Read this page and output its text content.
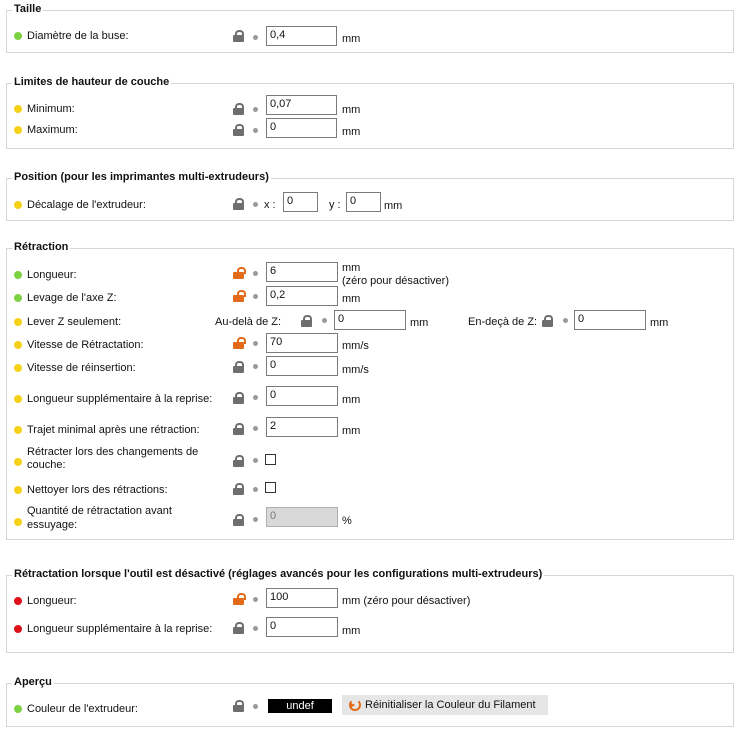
Taille
Diamètre de la buse:	0,4	mm
Limites de hauteur de couche
Minimum:	0,07	mm
Maximum:	0	mm
Position (pour les imprimantes multi-extrudeurs)
Décalage de l'extrudeur:	x :	0	y : 0	mm
Rétraction
Longueur:	6	mm
(zéro pour désactiver)
Levage de l'axe Z:	0,2	mm
Lever Z seulement:	Au-delà de Z:	0	mm	En-deçà de Z:	0	mm
Vitesse de Rétractation:	70	mm/s
Vitesse de réinsertion:	0	mm/s
Longueur supplémentaire à la reprise:	0	mm
Trajet minimal après une rétraction:	2	mm
Rétracter lors des changements de
couche:
Nettoyer lors des rétractions:
Quantité de rétractation avant
essuyage:
0	%
Rétractation lorsque l'outil est désactivé (réglages avancés pour les configurations multi-extrudeurs)
Longueur:	100	mm (zéro pour désactiver)
Longueur supplémentaire à la reprise:	0	mm
Aperçu
Couleur de l'extrudeur:	undef	Réinitialiser la Couleur du Filament
